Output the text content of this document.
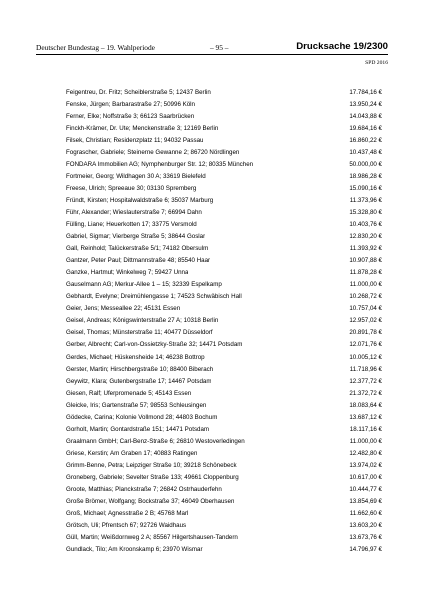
Deutscher Bundestag – 19. Wahlperiode	– 95 –	Drucksache 19/2300
SPD 2016
Feigentreu, Dr. Fritz; Scheiblerstraße 5; 12437 Berlin	17.784,16 €
Fenske, Jürgen; Barbarastraße 27; 50996 Köln	13.950,24 €
Ferner, Elke; Noffstraße 3; 66123 Saarbrücken	14.043,88 €
Finckh-Krämer, Dr. Ute; Menckenstraße 3; 12169 Berlin	19.684,16 €
Filsek, Christian; Residenzplatz 11; 94032 Passau	16.860,22 €
Fograscher, Gabriele; Steinerne Gewanne 2; 86720 Nördlingen	10.437,48 €
FONDARA Immobilien AG; Nymphenburger Str. 12; 80335 München	50.000,00 €
Fortmeier, Georg; Wildhagen 30 A; 33619 Bielefeld	18.986,28 €
Freese, Ulrich; Spreeaue 30; 03130 Spremberg	15.090,16 €
Fründt, Kirsten; Hospitalwaldstraße 6; 35037 Marburg	11.373,96 €
Führ, Alexander; Wieslauterstraße 7; 66994 Dahn	15.328,80 €
Fülling, Liane; Heuerkotten 17; 33775 Versmold	10.403,76 €
Gabriel, Sigmar; Vierberge Straße 5; 38644 Goslar	12.830,20 €
Gall, Reinhold; Talückerstraße 5/1; 74182 Obersulm	11.393,92 €
Gantzer, Peter Paul; Dittmannstraße 48; 85540 Haar	10.907,88 €
Ganzke, Hartmut; Winkelweg 7; 59427 Unna	11.878,28 €
Gauselmann AG; Merkur-Allee 1 – 15; 32339 Espelkamp	11.000,00 €
Gebhardt, Evelyne; Dreimühlengasse 1; 74523 Schwäbisch Hall	10.268,72 €
Geier, Jens; Messeallee 22; 45131 Essen	10.757,04 €
Geisel, Andreas; Königswinterstraße 27 A; 10318 Berlin	12.957,02 €
Geisel, Thomas; Münsterstraße 11; 40477 Düsseldorf	20.891,78 €
Gerber, Albrecht; Carl-von-Ossietzky-Straße 32; 14471 Potsdam	12.071,76 €
Gerdes, Michael; Hüskensheide 14; 46238 Bottrop	10.005,12 €
Gerster, Martin; Hirschbergstraße 10; 88400 Biberach	11.718,96 €
Geywitz, Klara; Gutenbergstraße 17; 14467 Potsdam	12.377,72 €
Giesen, Ralf; Uferpromenade 5; 45143 Essen	21.372,72 €
Gleicke, Iris; Gartenstraße 57; 98553 Schleusingen	18.083,64 €
Gödecke, Carina; Kolonie Vollmond 28; 44803 Bochum	13.687,12 €
Gorholt, Martin; Gontardstraße 151; 14471 Potsdam	18.117,16 €
Graalmann GmbH; Carl-Benz-Straße 6; 26810 Westoverledingen	11.000,00 €
Griese, Kerstin; Am Graben 17; 40883 Ratingen	12.482,80 €
Grimm-Benne, Petra; Leipziger Straße 10; 39218 Schönebeck	13.974,02 €
Groneberg, Gabriele; Sevelter Straße 133; 49661 Cloppenburg	10.617,00 €
Groote, Matthias; Planckstraße 7; 26842 Ostrhauderfehn	10.444,77 €
Große Brömer, Wolfgang; Bockstraße 37; 46049 Oberhausen	13.854,69 €
Groß, Michael; Agnesstraße 2 B; 45768 Marl	11.662,60 €
Grötsch, Uli; Pfrentsch 67; 92726 Waidhaus	13.603,20 €
Güll, Martin; Weißdornweg 2 A; 85567 Hilgertshausen-Tandern	13.673,76 €
Gundlack, Tilo; Am Kroonskamp 6; 23970 Wismar	14.796,97 €
